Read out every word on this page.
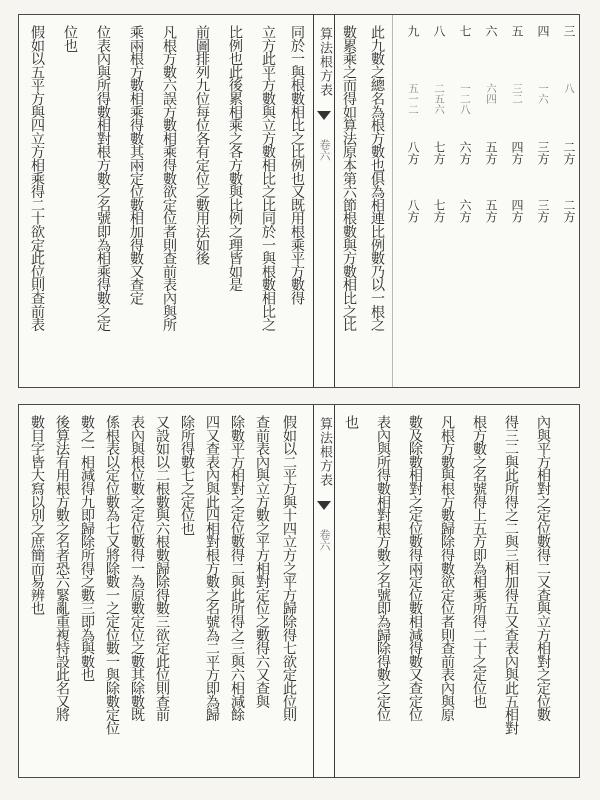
假如以五平方與四立方相乘得二十欲定此位則查前表 位也 位表內與所得數相對根方數之名號即為相乘得數之定 乘兩根方數相乘得數其兩定位數相加得數又查定 凡根方數六誤方數相乘得數欲定位者則查前表內與所 前圖排列九位每位各有定位之數用法如後 比例也此後累相乘之各方數與比例之理皆如是 立方此平方數與立方數相比之比同於一與根數相比之 同於一與根數相比之比例也又既用根乘平方數得 算法根方表
卷六 數累乘之而得如算法原本第六節根數與方數相比之比 此九數之總名為根方數也俱為相連比例數乃以一根之	三八二方二方
四一六三方三方
五三二四方四方
六六四五方五方
七一二八六方六方
八二五六七方七方
九五一二八方八方
數目字皆大寫以別之庶簡而易辨也 後算法有用根方數之名者恐六緊亂重複特設此名又將 數之一相減得九即歸除所得之數三即為與數也 係根表以定位數為七又將除數一之定位數一與除數定位 表內與根位數之定位數得一為原數定位之數其除數既 又設如以二根數與六根數歸除得數三欲定此位則查前 除所得數七之定位也 四又查表內與此四相對根方數之名號為二平方即為歸 除數平方相對之定位數得二與此所得之三與六相減餘 查前表內與立方數之平方相對定位之數得六又查與 假如以二平方與十四立方之平方歸除得七欲定此位則 算法根方表
卷六
也 表內與所得數相對根方數之名號即為歸除得數之定位 數及除數相對之定位數得兩定位數相減得數又查定位 凡根方數與根方數歸除得數欲定位者則查前表內與原 根方數之名號得上五方即為相乘所得二十之定位也 得三二與此所得之二與三相加得五又查表內與此五相對 內與平方相對之定位數得二又查與立方相對之定位數
